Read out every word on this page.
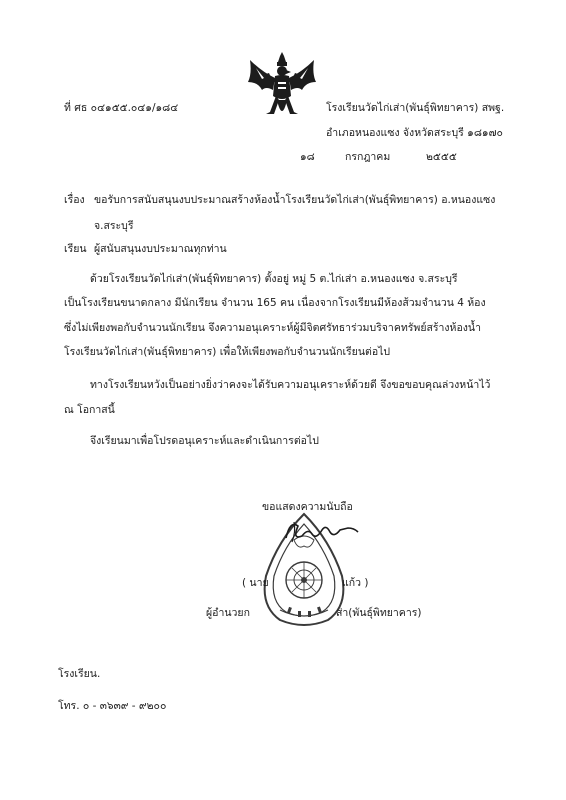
ที่ ศธ ๐๔๑๕๕.๐๔๑/๑๘๔	โรงเรียนวัดไก่เส่า(พันธุ์พิทยาคาร) สพฐ.
อำเภอหนองแซง จังหวัดสระบุรี ๑๘๑๗๐
๑๘	กรกฎาคม	๒๕๕๕
เรื่อง ขอรับการสนับสนุนงบประมาณสร้างห้องน้ำโรงเรียนวัดไก่เส่า(พันธุ์พิทยาคาร) อ.หนองแซง
จ.สระบุรี
เรียน ผู้สนับสนุนงบประมาณทุกท่าน
ด้วยโรงเรียนวัดไก่เส่า(พันธุ์พิทยาคาร) ตั้งอยู่ หมู่ 5 ต.ไก่เส่า อ.หนองแซง จ.สระบุรี
เป็นโรงเรียนขนาดกลาง มีนักเรียน จำนวน 165 คน เนื่องจากโรงเรียนมีห้องส้วมจำนวน 4 ห้อง
ซึ่งไม่เพียงพอกับจำนวนนักเรียน จึงความอนุเคราะห์ผู้มีจิตศรัทธาร่วมบริจาคทรัพย์สร้างห้องน้ำ
โรงเรียนวัดไก่เส่า(พันธุ์พิทยาคาร) เพื่อให้เพียงพอกับจำนวนนักเรียนต่อไป
ทางโรงเรียนหวังเป็นอย่างยิ่งว่าคงจะได้รับความอนุเคราะห์ด้วยดี จึงขอขอบคุณล่วงหน้าไว้
ณ โอกาสนี้
จึงเรียนมาเพื่อโปรดอนุเคราะห์และดำเนินการต่อไป
ขอแสดงความนับถือ
( นาย	แก้ว )
ผู้อำนวยก	ส่า(พันธุ์พิทยาคาร)
โรงเรียน.
โทร. ๐ - ๓๖๓๙ - ๙๒๐๐
